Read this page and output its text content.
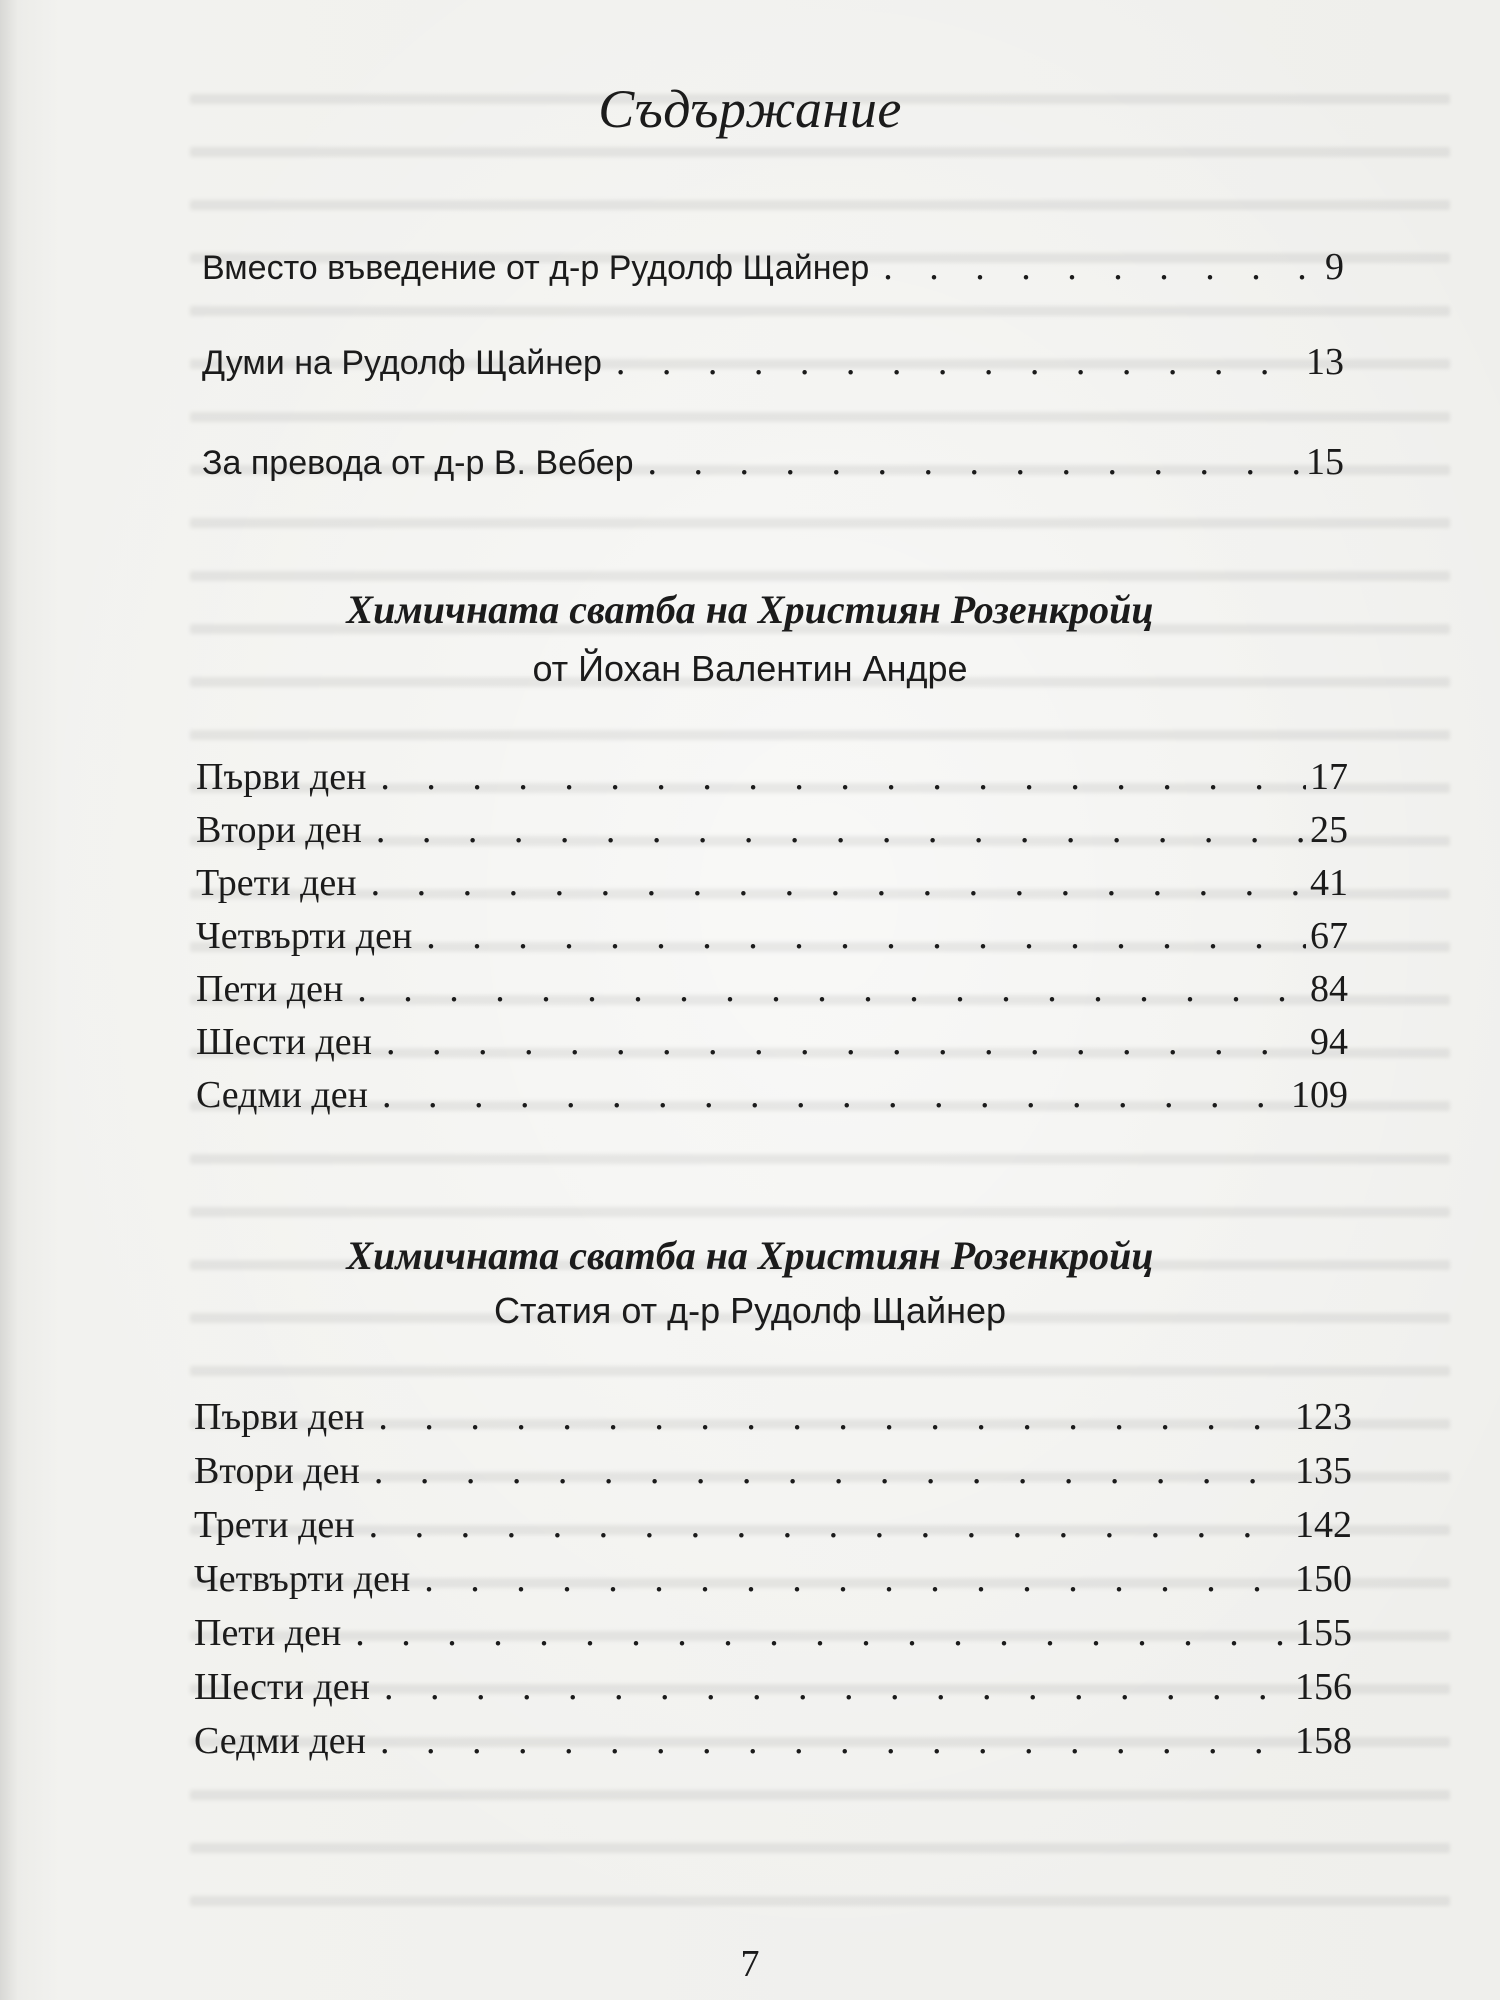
Съдържание
Вместо въведение от д-р Рудолф Щайнер . . .	9
Думи на Рудолф Щайнер . . .	13
За превода от д-р В. Вебер . . .	15
Химичната сватба на Християн Розенкройц

от Йохан Валентин Андре

Първи ден . . .	17
Втори ден . . .	25
Трети ден . . .	41
Четвърти ден . . .	67
Пети ден . . .	84
Шести ден . . .	94
Седми ден . . .	109
Химичната сватба на Християн Розенкройц

Статия от д-р Рудолф Щайнер

Първи ден . . .	123
Втори ден . . .	135
Трети ден . . .	142
Четвърти ден . . .	150
Пети ден . . .	155
Шести ден . . .	156
Седми ден . . .	158
7
